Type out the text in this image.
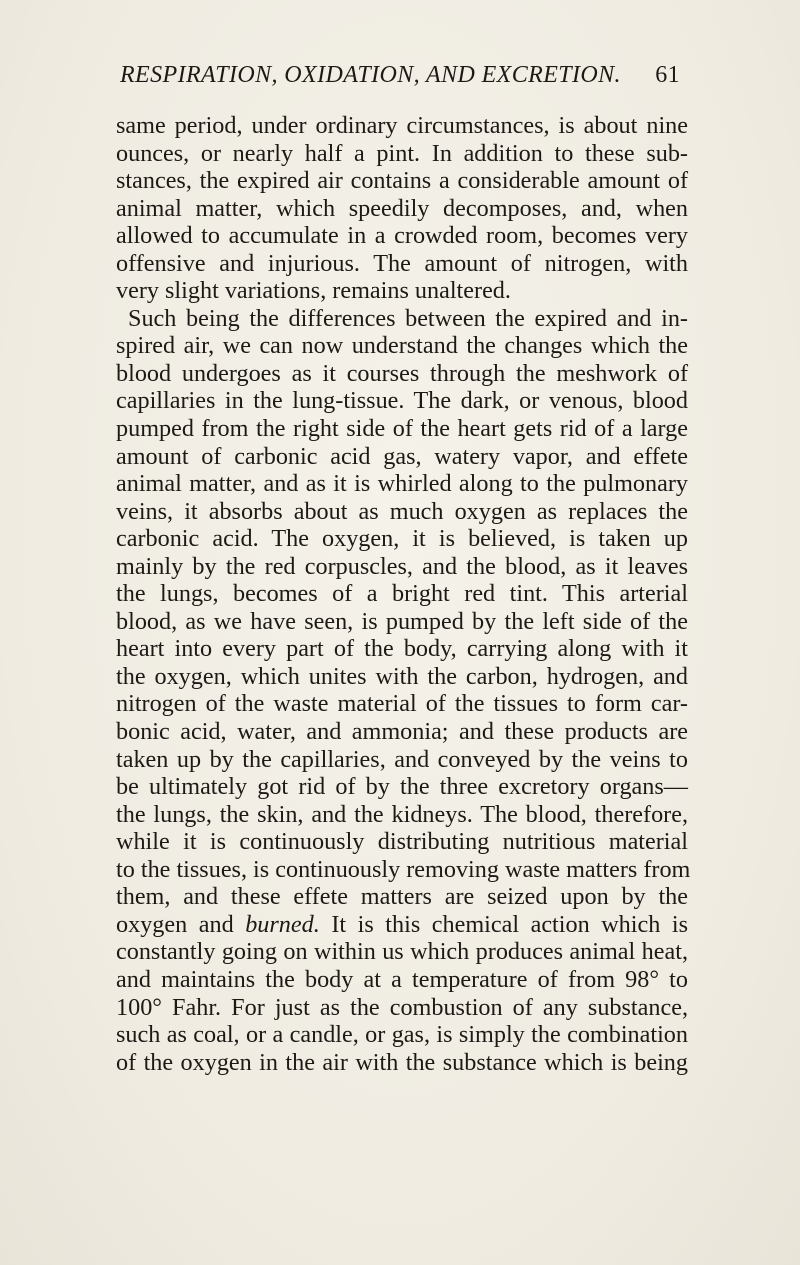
RESPIRATION, OXIDATION, AND EXCRETION. 61
same period, under ordinary circumstances, is about nine
ounces, or nearly half a pint. In addition to these sub-
stances, the expired air contains a considerable amount of
animal matter, which speedily decomposes, and, when
allowed to accumulate in a crowded room, becomes very
offensive and injurious. The amount of nitrogen, with
very slight variations, remains unaltered.
Such being the differences between the expired and in-
spired air, we can now understand the changes which the
blood undergoes as it courses through the meshwork of
capillaries in the lung-tissue. The dark, or venous, blood
pumped from the right side of the heart gets rid of a large
amount of carbonic acid gas, watery vapor, and effete
animal matter, and as it is whirled along to the pulmonary
veins, it absorbs about as much oxygen as replaces the
carbonic acid. The oxygen, it is believed, is taken up
mainly by the red corpuscles, and the blood, as it leaves
the lungs, becomes of a bright red tint. This arterial
blood, as we have seen, is pumped by the left side of the
heart into every part of the body, carrying along with it
the oxygen, which unites with the carbon, hydrogen, and
nitrogen of the waste material of the tissues to form car-
bonic acid, water, and ammonia; and these products are
taken up by the capillaries, and conveyed by the veins to
be ultimately got rid of by the three excretory organs—
the lungs, the skin, and the kidneys. The blood, therefore,
while it is continuously distributing nutritious material
to the tissues, is continuously removing waste matters from
them, and these effete matters are seized upon by the
oxygen and burned. It is this chemical action which is
constantly going on within us which produces animal heat,
and maintains the body at a temperature of from 98° to
100° Fahr. For just as the combustion of any substance,
such as coal, or a candle, or gas, is simply the combination
of the oxygen in the air with the substance which is being
